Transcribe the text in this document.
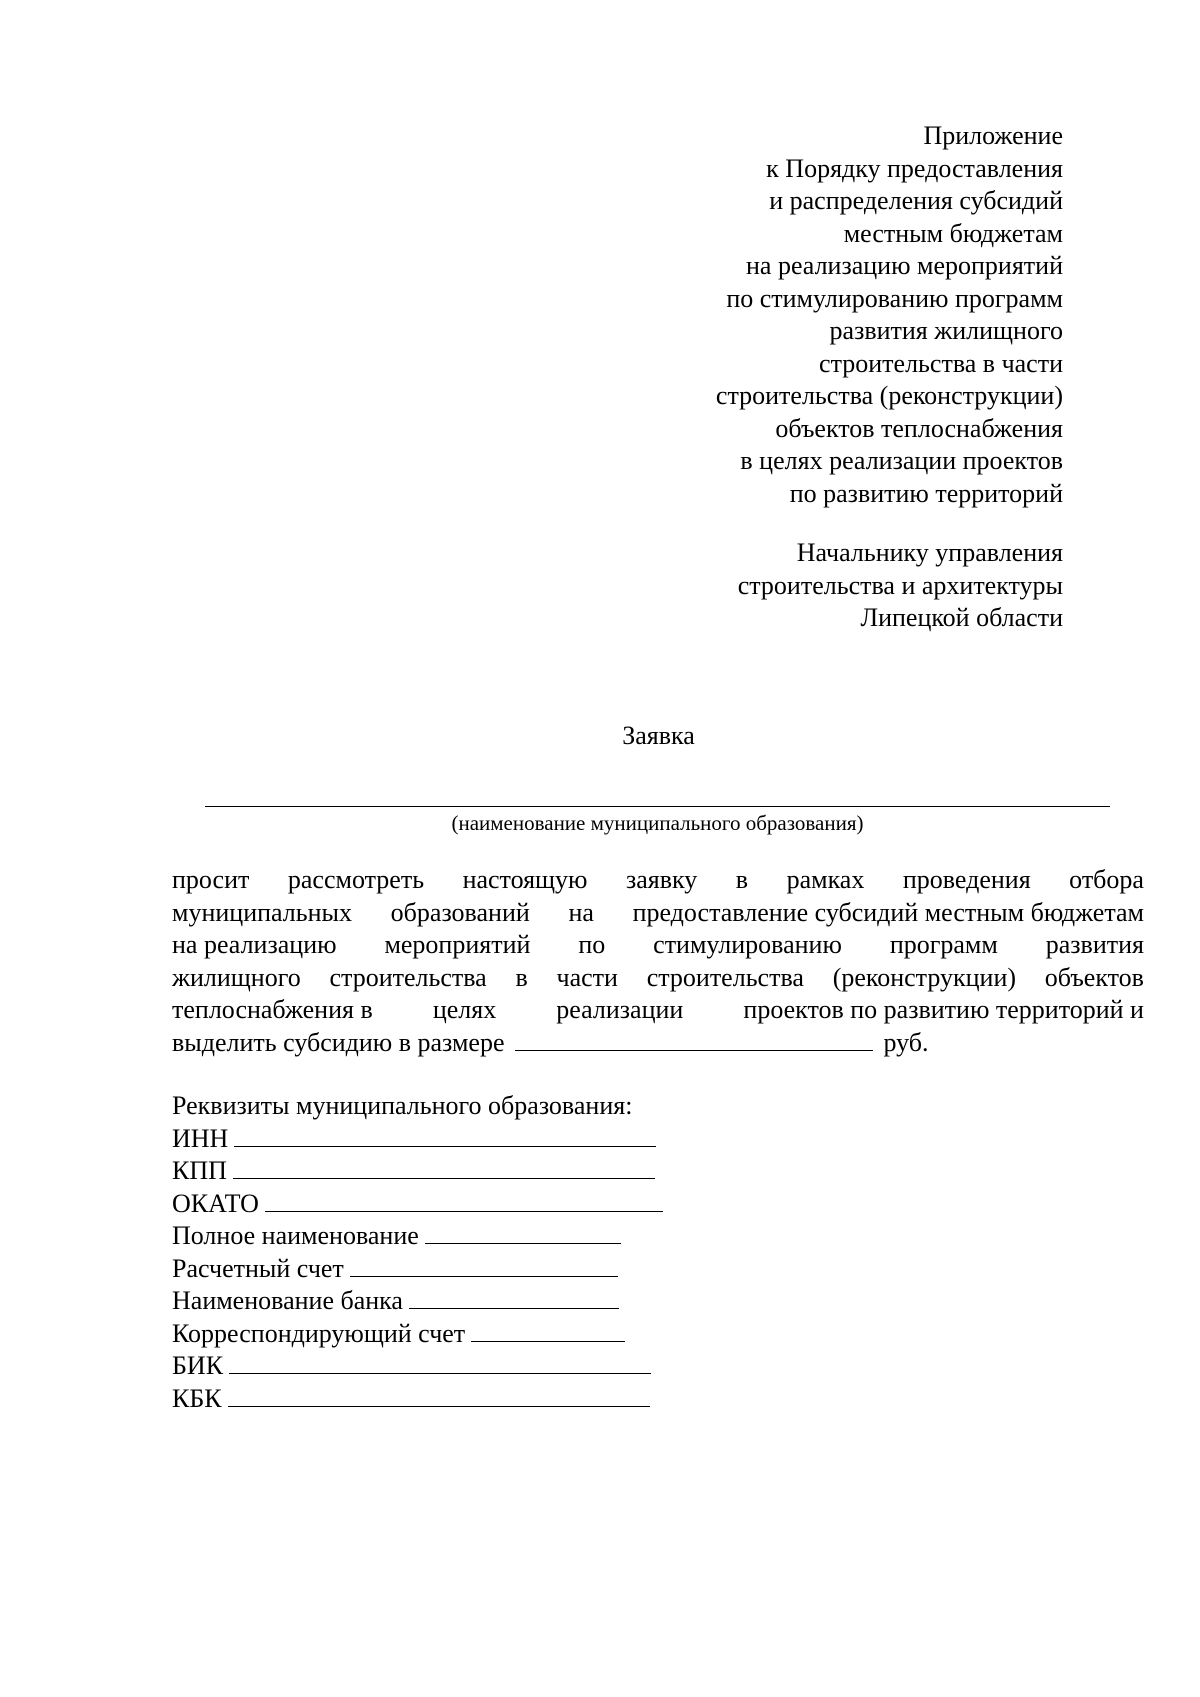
Приложение
к Порядку предоставления
и распределения субсидий
местным бюджетам
на реализацию мероприятий
по стимулированию программ
развития жилищного
строительства в части
строительства (реконструкции)
объектов теплоснабжения
в целях реализации проектов
по развитию территорий
Начальнику управления
строительства и архитектуры
Липецкой области
Заявка
(наименование муниципального образования)
просит рассмотреть настоящую заявку в рамках проведения отбора
муниципальных образований на предоставление субсидий местным бюджетам
на реализацию мероприятий по стимулированию программ развития
жилищного строительства в части строительства (реконструкции) объектов
теплоснабжения в целях реализации проектов по развитию территорий и
выделить субсидию в размере	руб.
Реквизиты муниципального образования:
ИНН
КПП
ОКАТО
Полное наименование
Расчетный счет
Наименование банка
Корреспондирующий счет
БИК
КБК
